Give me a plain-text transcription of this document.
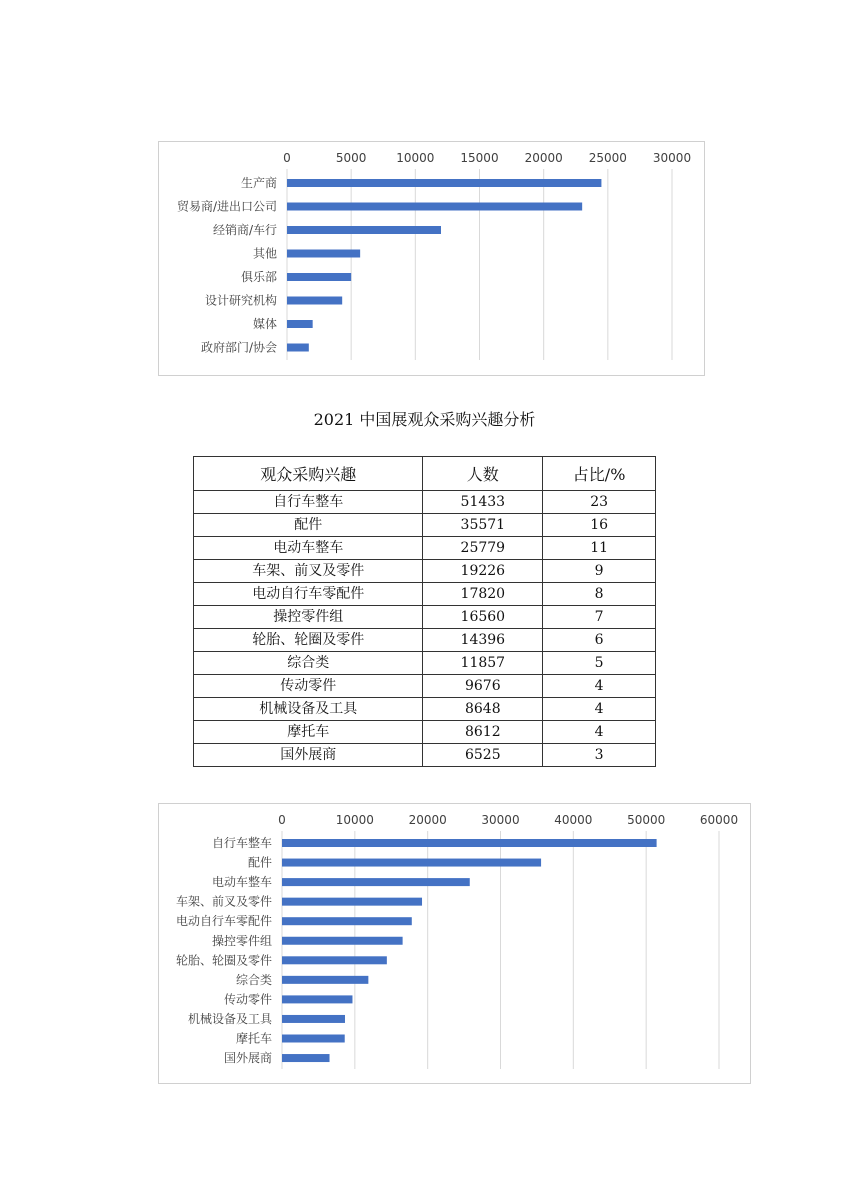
0	5000 10000 15000 20000 25000 30000
生产商
贸易商/进出口公司
经销商/车行
其他
俱乐部
设计研究机构
媒体
政府部门/协会
2021 中国展观众采购兴趣分析
观众采购兴趣	人数	占比/%
自行车整车	51433	23
配件	35571	16
电动车整车	25779	11
车架、前叉及零件	19226	9
电动自行车零配件	17820	8
操控零件组	16560	7
轮胎、轮圈及零件	14396	6
综合类	11857	5
传动零件	9676	4
机械设备及工具	8648	4
摩托车	8612	4
国外展商	6525	3
0	10000	20000	30000	40000	50000	60000
自行车整车
配件
电动车整车
车架、前叉及零件
电动自行车零配件
操控零件组
轮胎、轮圈及零件
综合类
传动零件
机械设备及工具
摩托车
国外展商
